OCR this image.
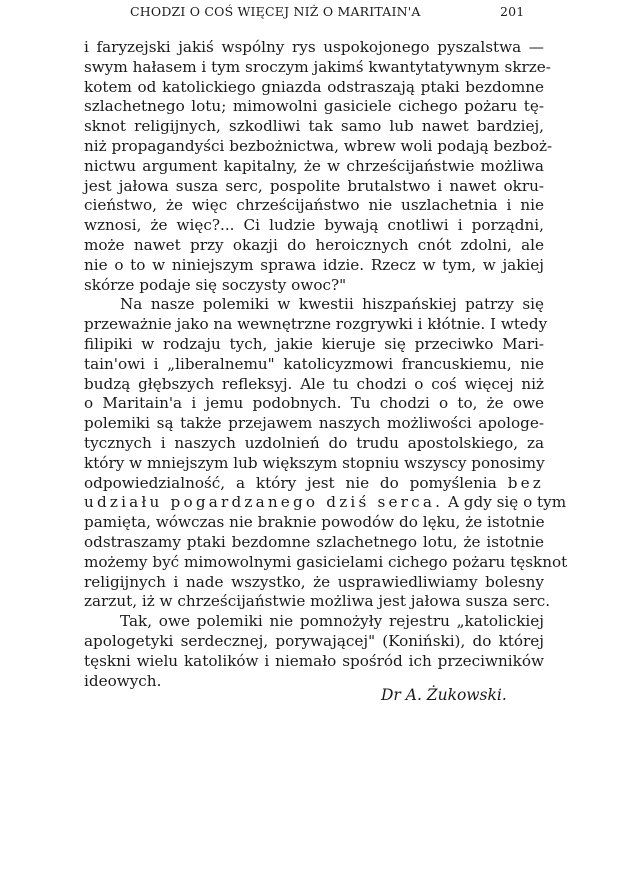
CHODZI O COŚ WIĘCEJ NIŻ O MARITAIN'A	201
i faryzejski jakiś wspólny rys uspokojonego pyszalstwa —
swym hałasem i tym sroczym jakimś kwantytatywnym skrze-
kotem od katolickiego gniazda odstraszają ptaki bezdomne
szlachetnego lotu; mimowolni gasiciele cichego pożaru tę-
sknot religijnych, szkodliwi tak samo lub nawet bardziej,
niż propagandyści bezbożnictwa, wbrew woli podają bezboż-
nictwu argument kapitalny, że w chrześcijaństwie możliwa
jest jałowa susza serc, pospolite brutalstwo i nawet okru-
cieństwo, że więc chrześcijaństwo nie uszlachetnia i nie
wznosi, że więc?... Ci ludzie bywają cnotliwi i porządni,
może nawet przy okazji do heroicznych cnót zdolni, ale
nie o to w niniejszym sprawa idzie. Rzecz w tym, w jakiej
skórze podaje się soczysty owoc?"
Na nasze polemiki w kwestii hiszpańskiej patrzy się
przeważnie jako na wewnętrzne rozgrywki i kłótnie. I wtedy
filipiki w rodzaju tych, jakie kieruje się przeciwko Mari-
tain'owi i „liberalnemu" katolicyzmowi francuskiemu, nie
budzą głębszych refleksyj. Ale tu chodzi o coś więcej niż
o Maritain'a i jemu podobnych. Tu chodzi o to, że owe
polemiki są także przejawem naszych możliwości apologe-
tycznych i naszych uzdolnień do trudu apostolskiego, za
który w mniejszym lub większym stopniu wszyscy ponosimy
odpowiedzialność, a który jest nie do pomyślenia bez
udziału pogardzanego dziś serca. A gdy się o tym
pamięta, wówczas nie braknie powodów do lęku, że istotnie
odstraszamy ptaki bezdomne szlachetnego lotu, że istotnie
możemy być mimowolnymi gasicielami cichego pożaru tęsknot
religijnych i nade wszystko, że usprawiedliwiamy bolesny
zarzut, iż w chrześcijaństwie możliwa jest jałowa susza serc.
Tak, owe polemiki nie pomnożyły rejestru „katolickiej
apologetyki serdecznej, porywającej" (Koniński), do której
tęskni wielu katolików i niemało spośród ich przeciwników
ideowych.
Dr A. Żukowski.
